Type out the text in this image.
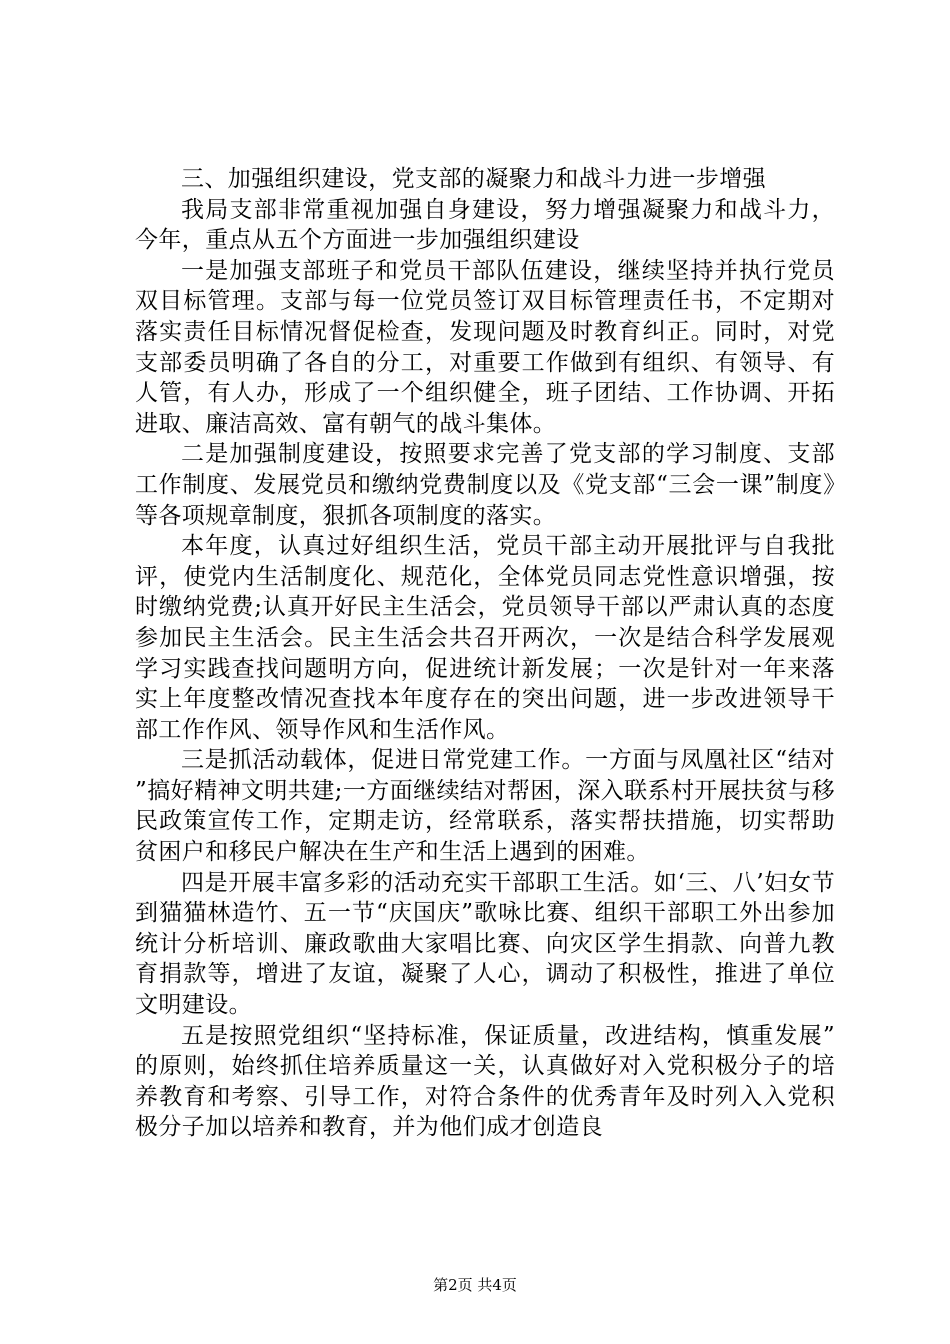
三、加强组织建设，党支部的凝聚力和战斗力进一步增强

我局支部非常重视加强自身建设，努力增强凝聚力和战斗力，今年，重点从五个方面进一步加强组织建设

一是加强支部班子和党员干部队伍建设，继续坚持并执行党员双目标管理。支部与每一位党员签订双目标管理责任书，不定期对落实责任目标情况督促检查，发现问题及时教育纠正。同时，对党支部委员明确了各自的分工，对重要工作做到有组织、有领导、有人管，有人办，形成了一个组织健全，班子团结、工作协调、开拓进取、廉洁高效、富有朝气的战斗集体。

二是加强制度建设，按照要求完善了党支部的学习制度、支部工作制度、发展党员和缴纳党费制度以及《党支部“三会一课”制度》等各项规章制度，狠抓各项制度的落实。

本年度，认真过好组织生活，党员干部主动开展批评与自我批评，使党内生活制度化、规范化，全体党员同志党性意识增强，按时缴纳党费;认真开好民主生活会，党员领导干部以严肃认真的态度参加民主生活会。民主生活会共召开两次，一次是结合科学发展观学习实践查找问题明方向，促进统计新发展；一次是针对一年来落实上年度整改情况查找本年度存在的突出问题，进一步改进领导干部工作作风、领导作风和生活作风。

三是抓活动载体，促进日常党建工作。一方面与凤凰社区“结对”搞好精神文明共建;一方面继续结对帮困，深入联系村开展扶贫与移民政策宣传工作，定期走访，经常联系，落实帮扶措施，切实帮助贫困户和移民户解决在生产和生活上遇到的困难。

四是开展丰富多彩的活动充实干部职工生活。如‘三、八’妇女节到猫猫林造竹、五一节“庆国庆”歌咏比赛、组织干部职工外出参加统计分析培训、廉政歌曲大家唱比赛、向灾区学生捐款、向普九教育捐款等，增进了友谊，凝聚了人心，调动了积极性，推进了单位文明建设。

五是按照党组织“坚持标准，保证质量，改进结构，慎重发展”的原则，始终抓住培养质量这一关，认真做好对入党积极分子的培养教育和考察、引导工作，对符合条件的优秀青年及时列入入党积极分子加以培养和教育，并为他们成才创造良

第2页 共4页
